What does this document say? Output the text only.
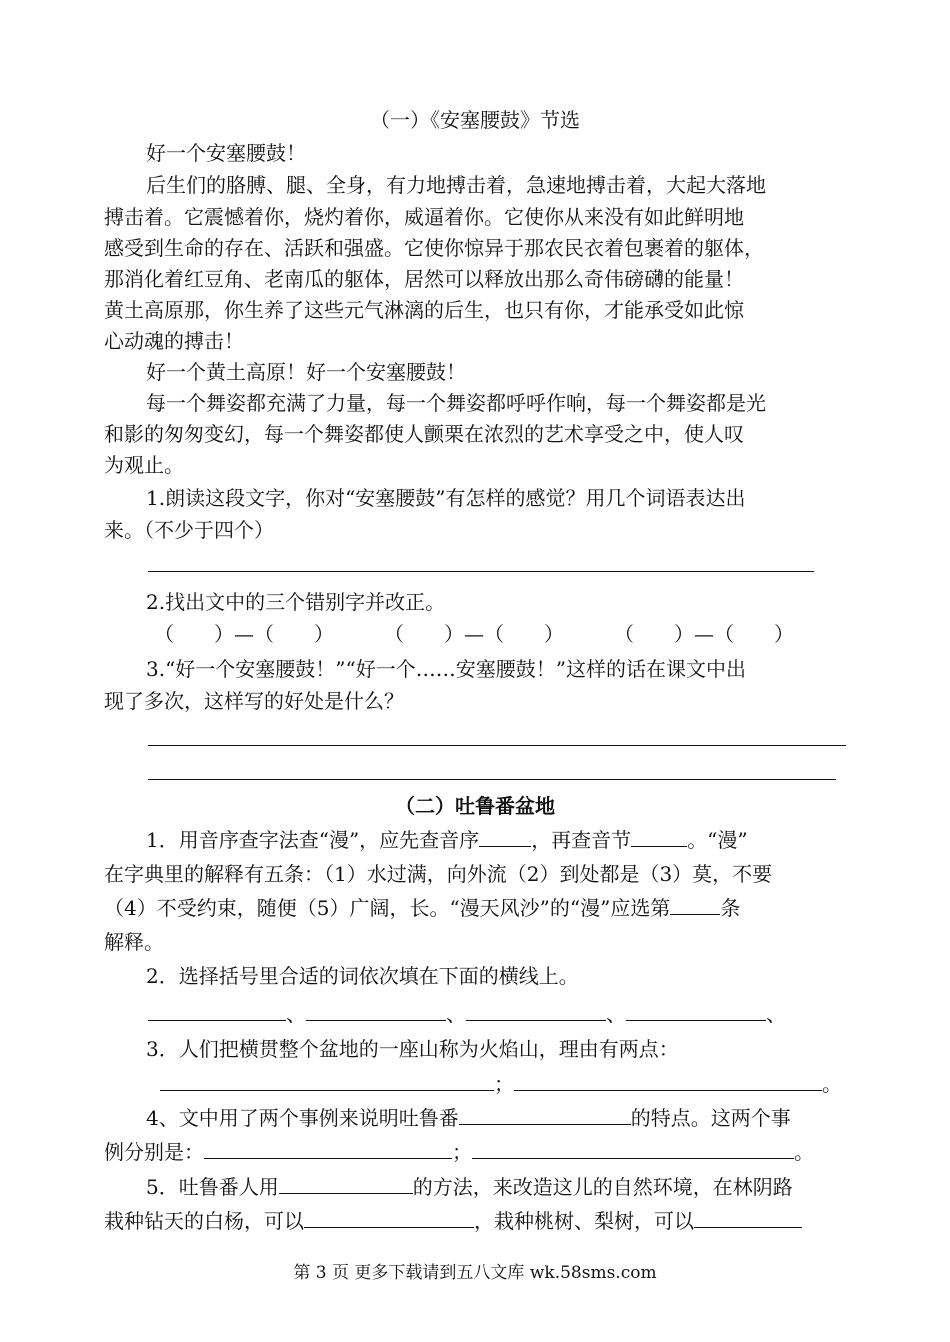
（一）《安塞腰鼓》节选
好一个安塞腰鼓！
后生们的胳膊、腿、全身，有力地搏击着，急速地搏击着，大起大落地
搏击着。它震憾着你，烧灼着你，威逼着你。它使你从来没有如此鲜明地
感受到生命的存在、活跃和强盛。它使你惊异于那农民衣着包裹着的躯体，
那消化着红豆角、老南瓜的躯体，居然可以释放出那么奇伟磅礴的能量！
黄土高原那，你生养了这些元气淋漓的后生，也只有你，才能承受如此惊
心动魂的搏击！
好一个黄土高原！好一个安塞腰鼓！
每一个舞姿都充满了力量，每一个舞姿都呼呼作响，每一个舞姿都是光
和影的匆匆变幻，每一个舞姿都使人颤栗在浓烈的艺术享受之中，使人叹
为观止。
1.朗读这段文字，你对“安塞腰鼓”有怎样的感觉？用几个词语表达出
来。（不少于四个）
2.找出文中的三个错别字并改正。
（　　）—（　　）	（　　）—（　　）	（　　）—（　　）
3.“好一个安塞腰鼓！”“好一个……安塞腰鼓！”这样的话在课文中出
现了多次，这样写的好处是什么？
（二）吐鲁番盆地
1．用音序查字法查“漫”，应先查音序	，再查音节	。“漫”
在字典里的解释有五条：（1）水过满，向外流（2）到处都是（3）莫，不要
（4）不受约束，随便（5）广阔，长。“漫天风沙”的“漫”应选第	条
解释。
2．选择括号里合适的词依次填在下面的横线上。
、	、	、	、
3．人们把横贯整个盆地的一座山称为火焰山，理由有两点：
；	。
4、文中用了两个事例来说明吐鲁番	的特点。这两个事
例分别是：	；	。
5．吐鲁番人用	的方法，来改造这儿的自然环境，在林阴路
栽种钻天的白杨，可以	，栽种桃树、梨树，可以
第 3 页 更多下载请到五八文库 wk.58sms.com
